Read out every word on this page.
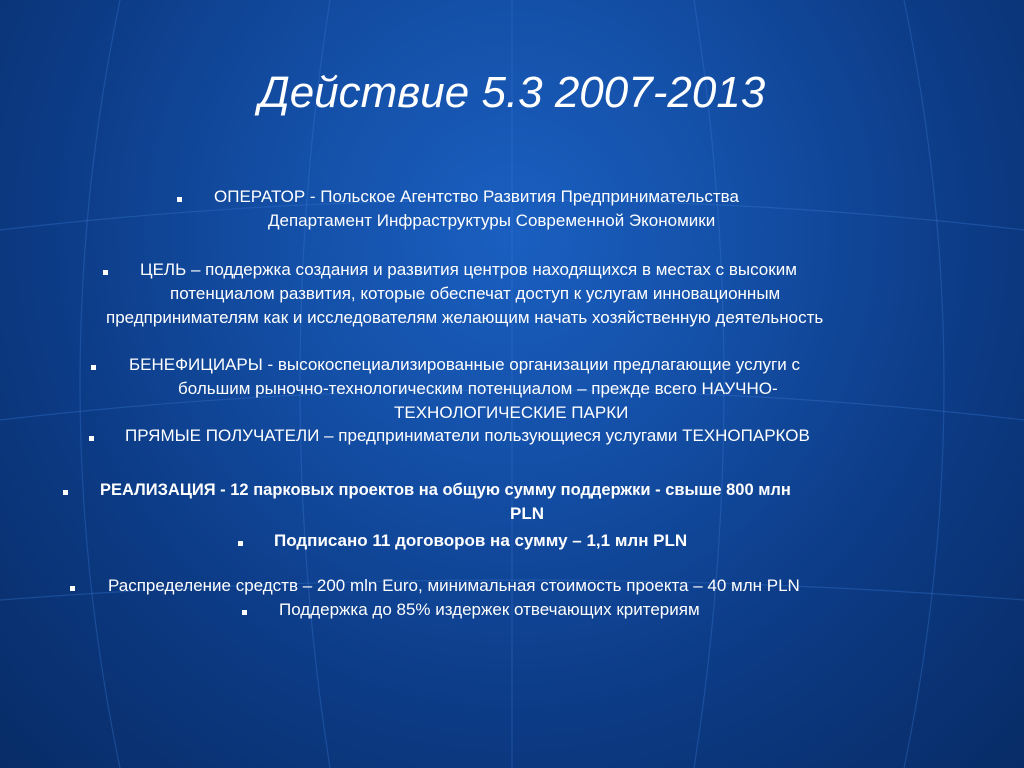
Действие 5.3 2007-2013
ОПЕРАТОР - Польское Агентство Развития Предпринимательства
Департамент Инфраструктуры Современной Экономики
ЦЕЛЬ – поддержка создания и развития центров находящихся в местах с высоким
потенциалом развития, которые обеспечат доступ к услугам инновационным
предпринимателям как и исследователям желающим начать хозяйственную деятельность
БЕНЕФИЦИАРЫ - высокоспециализированные организации предлагающие услуги с
большим рыночно-технологическим потенциалом – прежде всего НАУЧНО-
ТЕХНОЛОГИЧЕСКИЕ ПАРКИ
ПРЯМЫЕ ПОЛУЧАТЕЛИ – предприниматели пользующиеся услугами ТЕХНОПАРКОВ
РЕАЛИЗАЦИЯ - 12 парковых проектов на общую сумму поддержки - свыше 800 млн
PLN
Подписано 11 договоров на сумму – 1,1 млн PLN
Распределение средств – 200 mln Euro, минимальная стоимость проекта – 40 млн PLN
Поддержка до 85% издержек отвечающих критериям
